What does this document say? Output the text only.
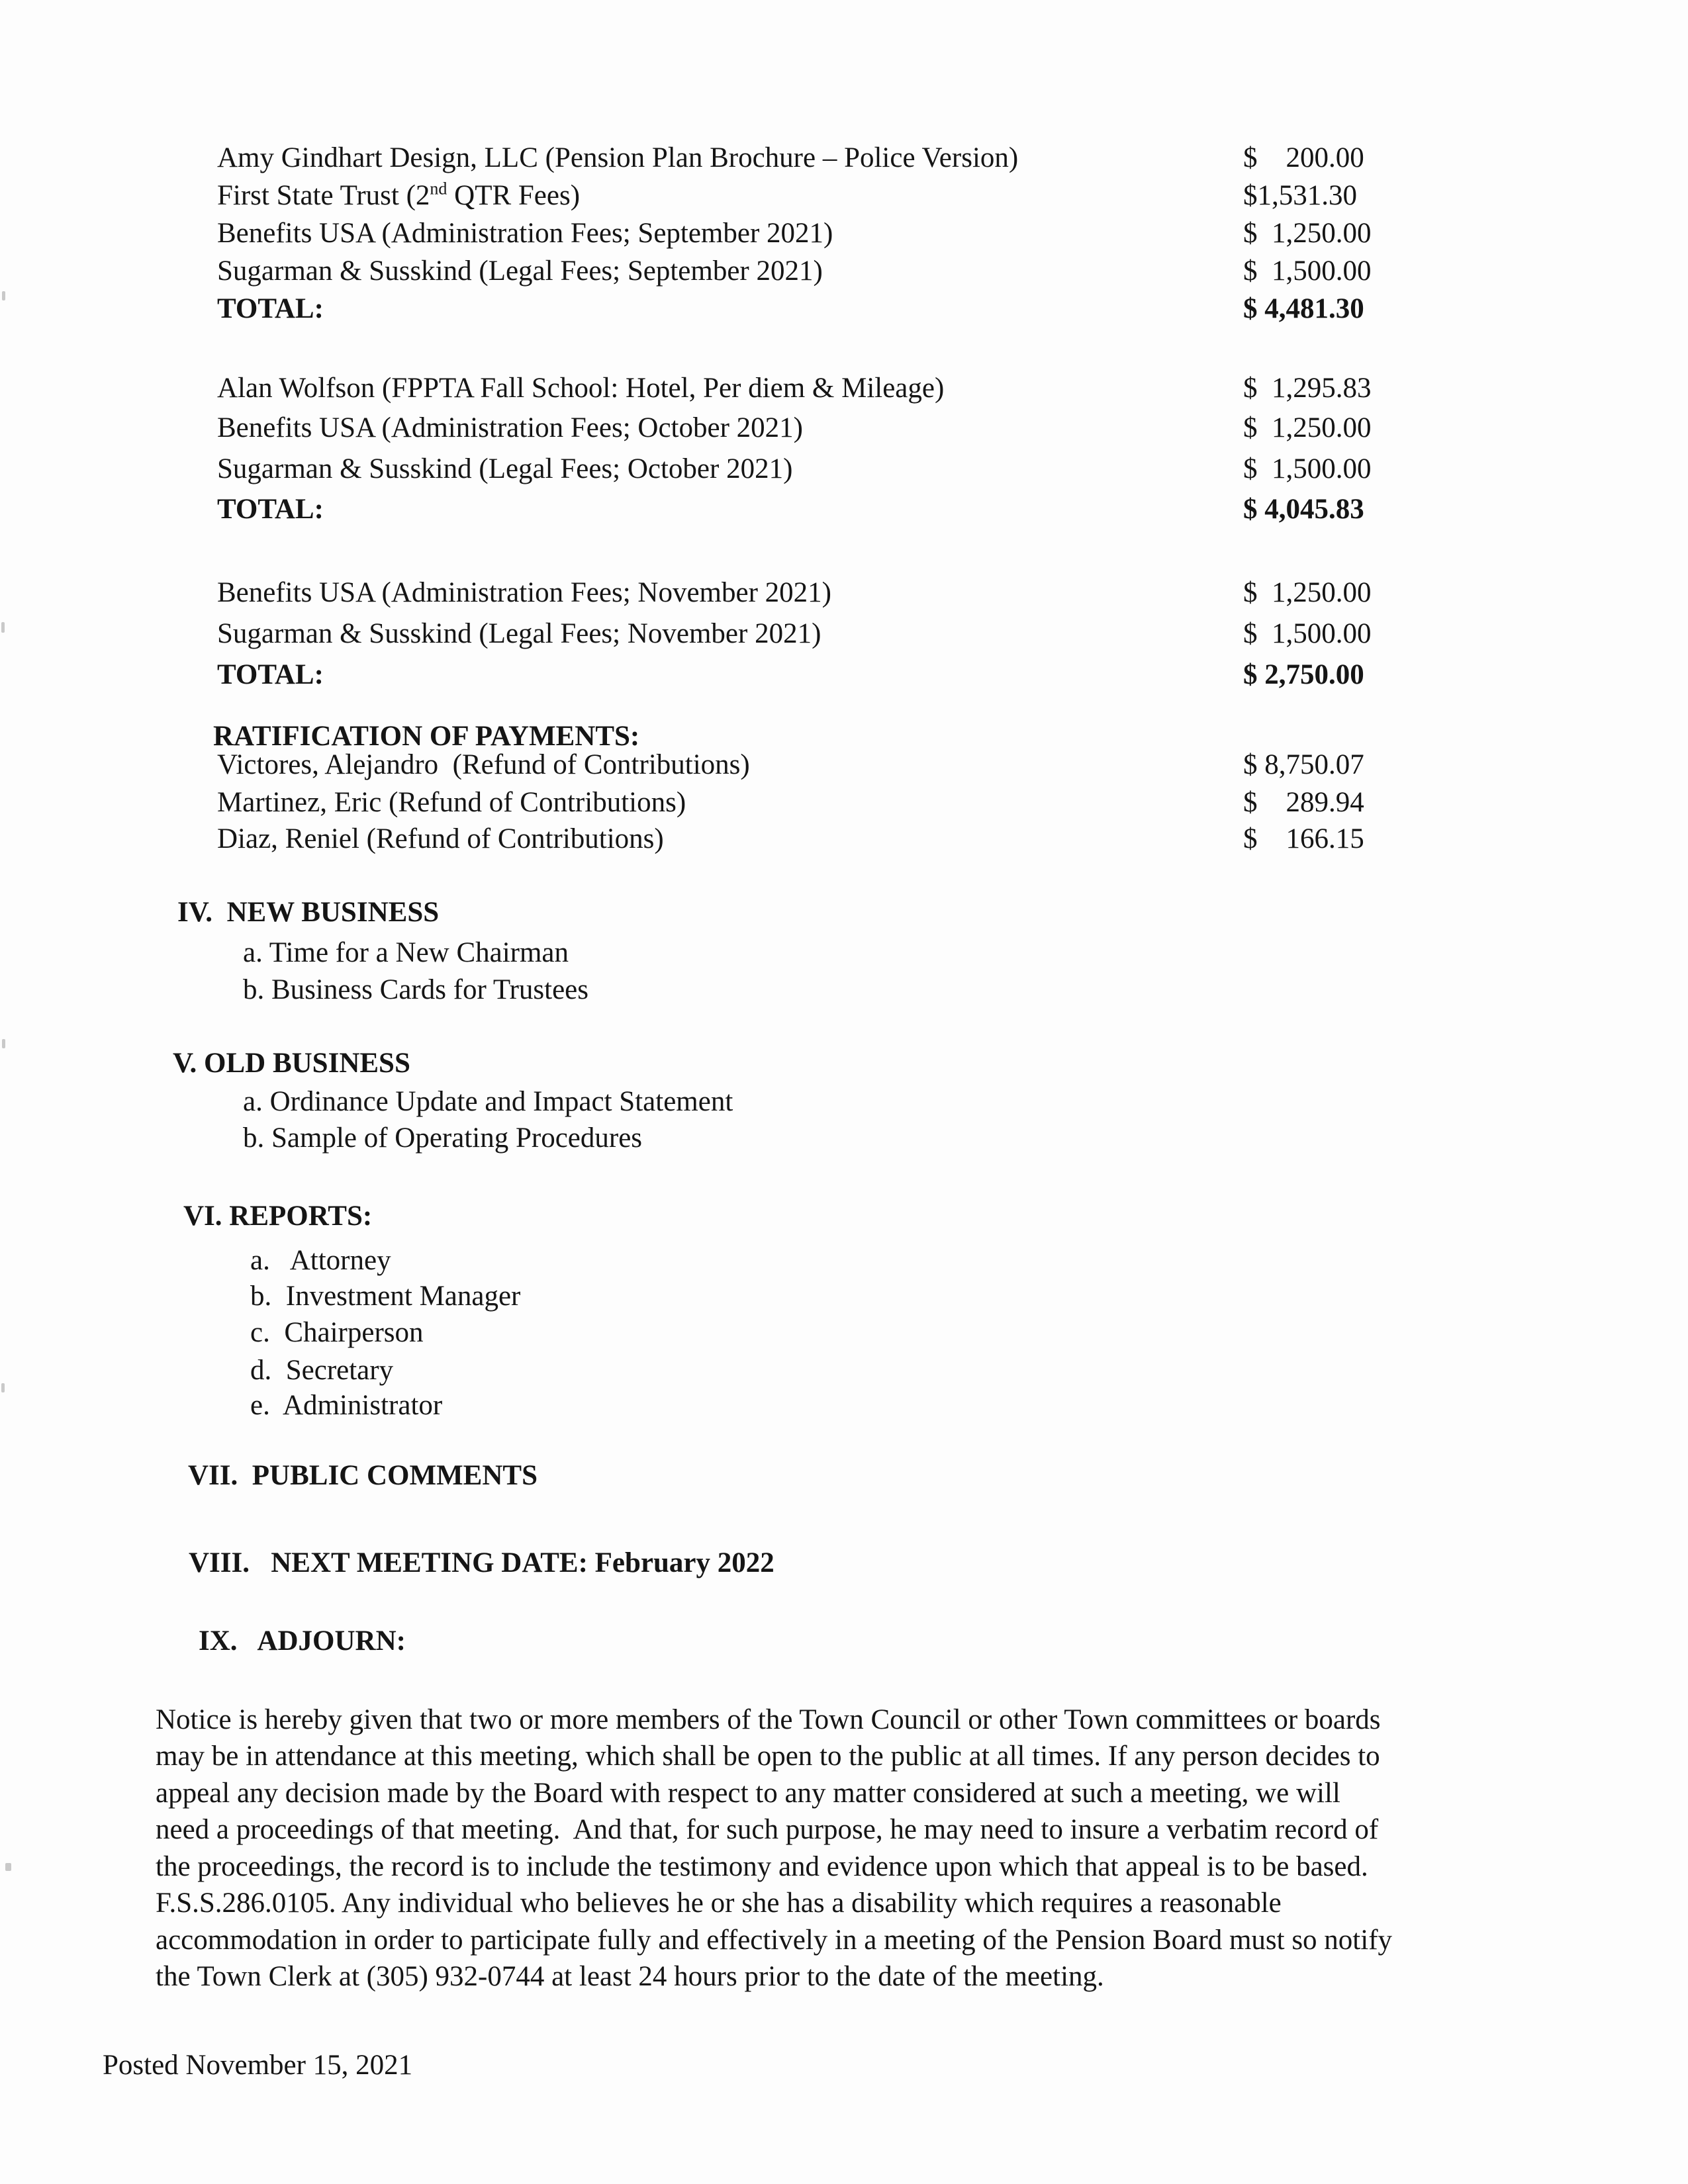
Amy Gindhart Design, LLC (Pension Plan Brochure – Police Version)	$    200.00
First State Trust (2nd QTR Fees)	$1,531.30
Benefits USA (Administration Fees; September 2021)	$  1,250.00
Sugarman & Susskind (Legal Fees; September 2021)	$  1,500.00
TOTAL:	$ 4,481.30
Alan Wolfson (FPPTA Fall School: Hotel, Per diem & Mileage)	$  1,295.83
Benefits USA (Administration Fees; October 2021)	$  1,250.00
Sugarman & Susskind (Legal Fees; October 2021)	$  1,500.00
TOTAL:	$ 4,045.83
Benefits USA (Administration Fees; November 2021)	$  1,250.00
Sugarman & Susskind (Legal Fees; November 2021)	$  1,500.00
TOTAL:	$ 2,750.00
RATIFICATION OF PAYMENTS:
Victores, Alejandro  (Refund of Contributions)	$ 8,750.07
Martinez, Eric (Refund of Contributions)	$    289.94
Diaz, Reniel (Refund of Contributions)	$    166.15
IV.  NEW BUSINESS
a. Time for a New Chairman
b. Business Cards for Trustees
V. OLD BUSINESS
a. Ordinance Update and Impact Statement
b. Sample of Operating Procedures
VI. REPORTS:
a.   Attorney
b.  Investment Manager
c.  Chairperson
d.  Secretary
e.  Administrator
VII.  PUBLIC COMMENTS
VIII.   NEXT MEETING DATE: February 2022
IX.   ADJOURN:
Notice is hereby given that two or more members of the Town Council or other Town committees or boards
may be in attendance at this meeting, which shall be open to the public at all times. If any person decides to
appeal any decision made by the Board with respect to any matter considered at such a meeting, we will
need a proceedings of that meeting.  And that, for such purpose, he may need to insure a verbatim record of
the proceedings, the record is to include the testimony and evidence upon which that appeal is to be based.
F.S.S.286.0105. Any individual who believes he or she has a disability which requires a reasonable
accommodation in order to participate fully and effectively in a meeting of the Pension Board must so notify
the Town Clerk at (305) 932-0744 at least 24 hours prior to the date of the meeting.
Posted November 15, 2021
